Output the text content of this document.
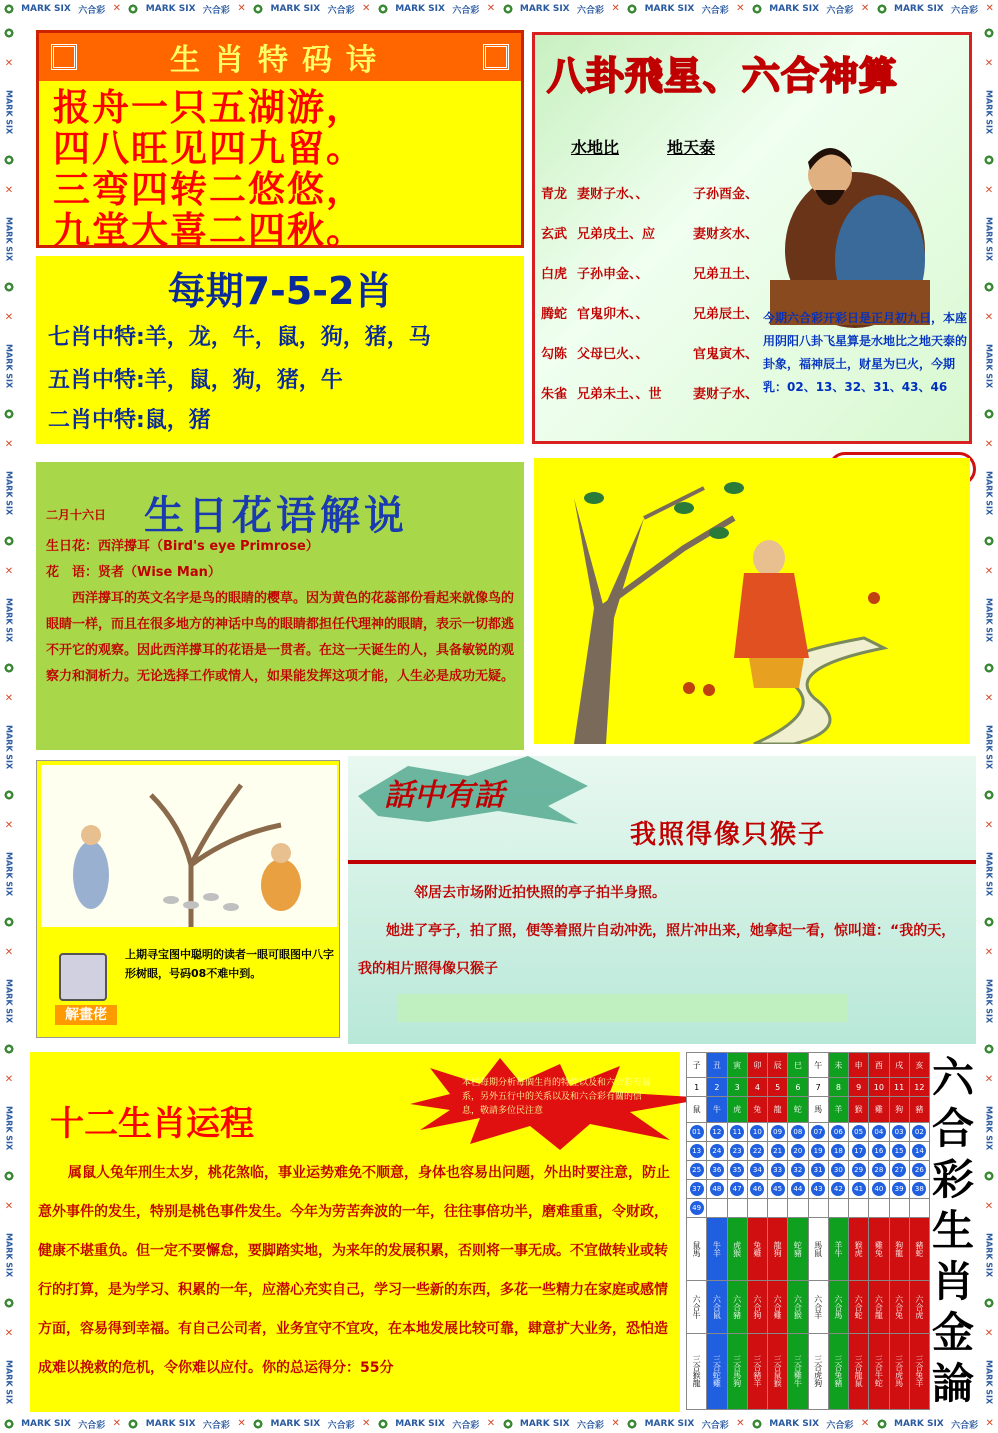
MARK SIX 六合彩 ✕	MARK SIX 六合彩 ✕	MARK SIX 六合彩 ✕	MARK SIX 六合彩 ✕	MARK SIX 六合彩 ✕	MARK SIX 六合彩 ✕	MARK SIX 六合彩 ✕	MARK SIX 六合彩 ✕
MARK SIX 六合彩 ✕	MARK SIX 六合彩 ✕	MARK SIX 六合彩 ✕	MARK SIX 六合彩 ✕	MARK SIX 六合彩 ✕	MARK SIX 六合彩 ✕	MARK SIX 六合彩 ✕	MARK SIX 六合彩 ✕
✕
MARK SIX
✕
MARK SIX
✕
MARK SIX
✕
MARK SIX
✕
MARK SIX
✕
MARK SIX
✕
MARK SIX
✕
MARK SIX
✕
MARK SIX
✕
MARK SIX
✕
MARK SIX
✕
MARK SIX
✕
MARK SIX
✕
MARK SIX
✕
MARK SIX
✕
MARK SIX
✕
MARK SIX
✕
MARK SIX
✕
MARK SIX
✕
MARK SIX
✕
MARK SIX
✕
MARK SIX
生肖特码诗
报舟一只五湖游，
四八旺见四九留。
三弯四转二悠悠，
九堂大喜二四秋。
每期7-5-2肖
七肖中特:羊，龙，牛，鼠，狗，猪，马
五肖中特:羊，鼠，狗，猪，牛
二肖中特:鼠，猪
八卦飛星、六合神算
水地比	地天泰
青龙 妻财子水、、	子孙酉金、
玄武 兄弟戌土、应	妻财亥水、
白虎 子孙申金、、	兄弟丑土、
腾蛇 官鬼卯木、、	兄弟辰土、
勾陈 父母巳火、、	官鬼寅木、
朱雀 兄弟未土、、世 妻财子水、
今期六合彩开彩日是正月初九日，本座用阴阳八卦飞星算是水地比之地天泰的卦象，福神辰土，财星为巳火，今期乳：02、13、32、31、43、46
二月十六日 生日花语解说
生日花：西洋撐耳（Bird's eye Primrose）
花　语：贤者（Wise Man）
　　西洋撐耳的英文名字是鸟的眼睛的樱草。因为黄色的花蕊部份看起来就像鸟的眼睛一样，而且在很多地方的神话中鸟的眼睛都担任代理神的眼睛，表示一切都逃不开它的观察。因此西洋撐耳的花语是一贯者。在这一天诞生的人，具备敏锐的观察力和洞析力。无论选择工作或情人，如果能发挥这项才能，人生必是成功无疑。
上期寻宝图中聪明的读者一眼可眼图中八字形树眼，号码08不难中到。
解畫佬
話中有話
我照得像只猴子
　　　　邻居去市场附近拍快照的亭子拍半身照。
　　她进了亭子，拍了照，便等着照片自动冲洗，照片冲出来，她拿起一看，惊叫道：“我的天，我的相片照得像只猴子
本栏每期分析每個生肖的特性以及和六合彩有關系，另外五行中的关系以及和六合彩有關的信息，敬請多位民注意
十二生肖运程
属鼠人兔年刑生太岁，桃花煞临，事业运势难免不顺意，身体也容易出问题，外出时要注意，防止意外事件的发生，特别是桃色事件发生。今年为劳苦奔波的一年，往往事倍功半，磨难重重，令财政，健康不堪重负。但一定不要懈怠，要脚踏实地，为来年的发展积累，否则将一事无成。不宜做转业或转行的打算，是为学习、积累的一年，应潜心充实自己，学习一些新的东西，多花一些精力在家庭或感情方面，容易得到幸福。有自己公司者，业务宜守不宜攻，在本地发展比较可靠，肆意扩大业务，恐怕造成难以挽救的危机，令你难以应付。你的总运得分：55分
子	丑	寅	卯	辰	巳	午	未	申	酉	戌	亥
1	2	3	4	5	6	7	8	9	10	11	12
鼠	牛	虎	兔	龍	蛇	馬	羊	猴	雞	狗	豬
01	12	11	10	09	08	07	06	05	04	03	02
13	24	23	22	21	20	19	18	17	16	15	14
25	36	35	34	33	32	31	30	29	28	27	26
37	48	47	46	45	44	43	42	41	40	39	38
49											
鼠馬	牛羊	虎猴	兔雞	龍狗	蛇豬	馬鼠	羊牛	猴虎	雞兔	狗龍	豬蛇
六合牛	六合鼠	六合豬	六合狗	六合雞	六合猴	六合羊	六合馬	六合蛇	六合龍	六合兔	六合虎
三合猴龍	三合蛇雞	三合馬狗	三合豬羊	三合鼠猴	三合雞牛	三合虎狗	三合兔豬	三合龍鼠	三合牛蛇	三合虎馬	三合兔羊
六
合
彩
生
肖
金
論
